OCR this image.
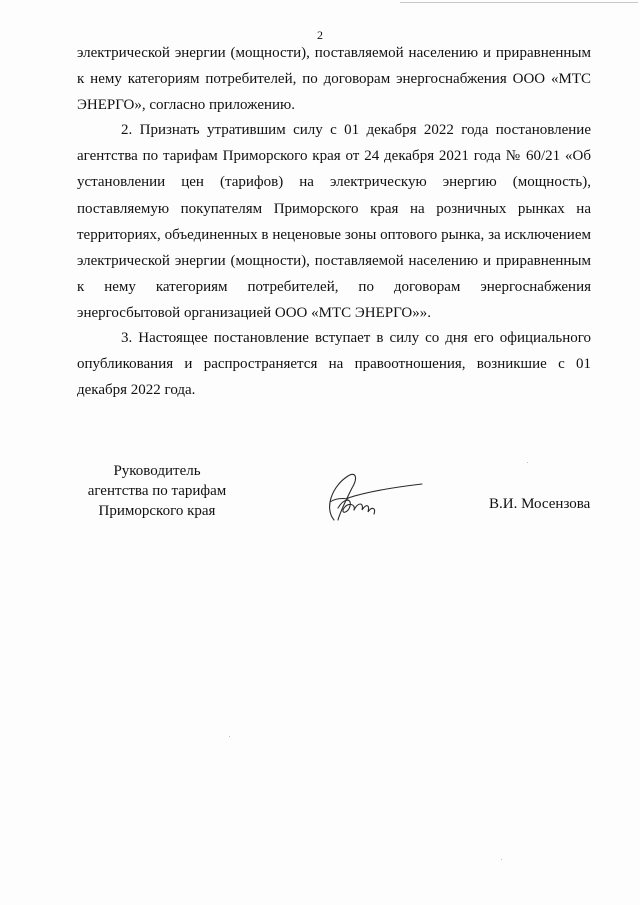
2

электрической энергии (мощности), поставляемой населению и приравненным к нему категориям потребителей, по договорам энергоснабжения ООО «МТС ЭНЕРГО», согласно приложению.

2. Признать утратившим силу с 01 декабря 2022 года постановление агентства по тарифам Приморского края от 24 декабря 2021 года № 60/21 «Об установлении цен (тарифов) на электрическую энергию (мощность), поставляемую покупателям Приморского края на розничных рынках на территориях, объединенных в неценовые зоны оптового рынка, за исключением электрической энергии (мощности), поставляемой населению и приравненным к нему категориям потребителей, по договорам энергоснабжения энергосбытовой организацией ООО «МТС ЭНЕРГО»».

3. Настоящее постановление вступает в силу со дня его официального опубликования и распространяется на правоотношения, возникшие с 01 декабря 2022 года.

Руководитель
агентства по тарифам
Приморского края	В.И. Мосензова
